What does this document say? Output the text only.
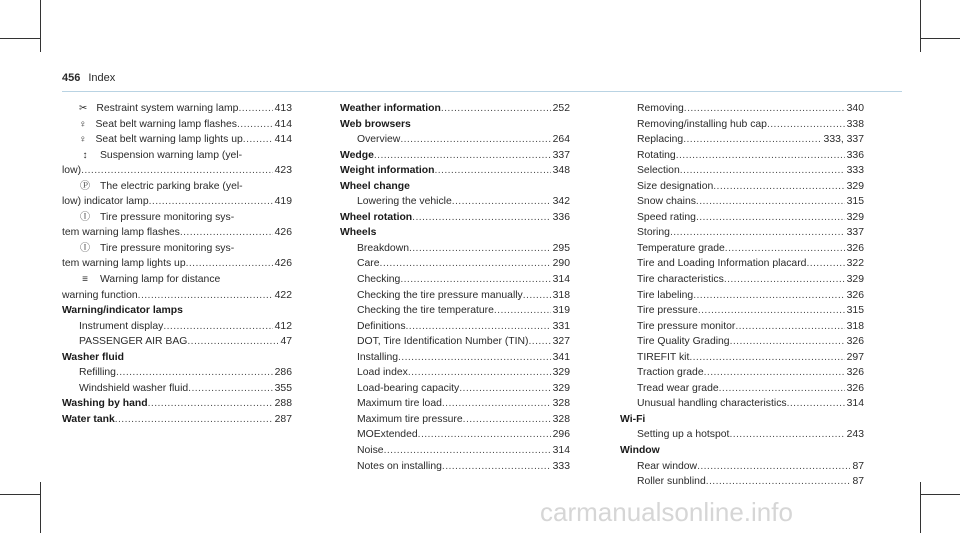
456 Index
✂ Restraint system warning lamp .....	413
♀ Seat belt warning lamp flashes .....	414
♀ Seat belt warning lamp lights up .....	414
↕	Suspension warning lamp (yel-
low) .....	423
Ⓟ The electric parking brake (yel-
low) indicator lamp .....	419
Ⓘ Tire pressure monitoring sys-
tem warning lamp flashes .....	426
Ⓘ Tire pressure monitoring sys-
tem warning lamp lights up .....	426
≡ Warning lamp for distance
warning function .....	422
Warning/indicator lamps
Instrument display .....	412
PASSENGER AIR BAG .....	47
Washer fluid
Refilling .....	286
Windshield washer fluid .....	355
Washing by hand .....	288
Water tank .....	287
Weather information .....	252
Web browsers
Overview .....	264
Wedge .....	337
Weight information .....	348
Wheel change
Lowering the vehicle .....	342
Wheel rotation .....	336
Wheels
Breakdown .....	295
Care .....	290
Checking .....	314
Checking the tire pressure manually .....	318
Checking the tire temperature .....	319
Definitions .....	331
DOT, Tire Identification Number (TIN) ..... 327
Installing .....	341
Load index .....	329
Load-bearing capacity .....	329
Maximum tire load .....	328
Maximum tire pressure .....	328
MOExtended .....	296
Noise .....	314
Notes on installing .....	333
Removing .....	340
Removing/installing hub cap .....	338
Replacing .....	333, 337
Rotating .....	336
Selection .....	333
Size designation .....	329
Snow chains .....	315
Speed rating .....	329
Storing .....	337
Temperature grade .....	326
Tire and Loading Information placard .....	322
Tire characteristics .....	329
Tire labeling .....	326
Tire pressure .....	315
Tire pressure monitor .....	318
Tire Quality Grading .....	326
TIREFIT kit .....	297
Traction grade .....	326
Tread wear grade .....	326
Unusual handling characteristics .....	314
Wi-Fi
Setting up a hotspot .....	243
Window
Rear window .....	87
Roller sunblind .....	87
carmanualsonline.info
